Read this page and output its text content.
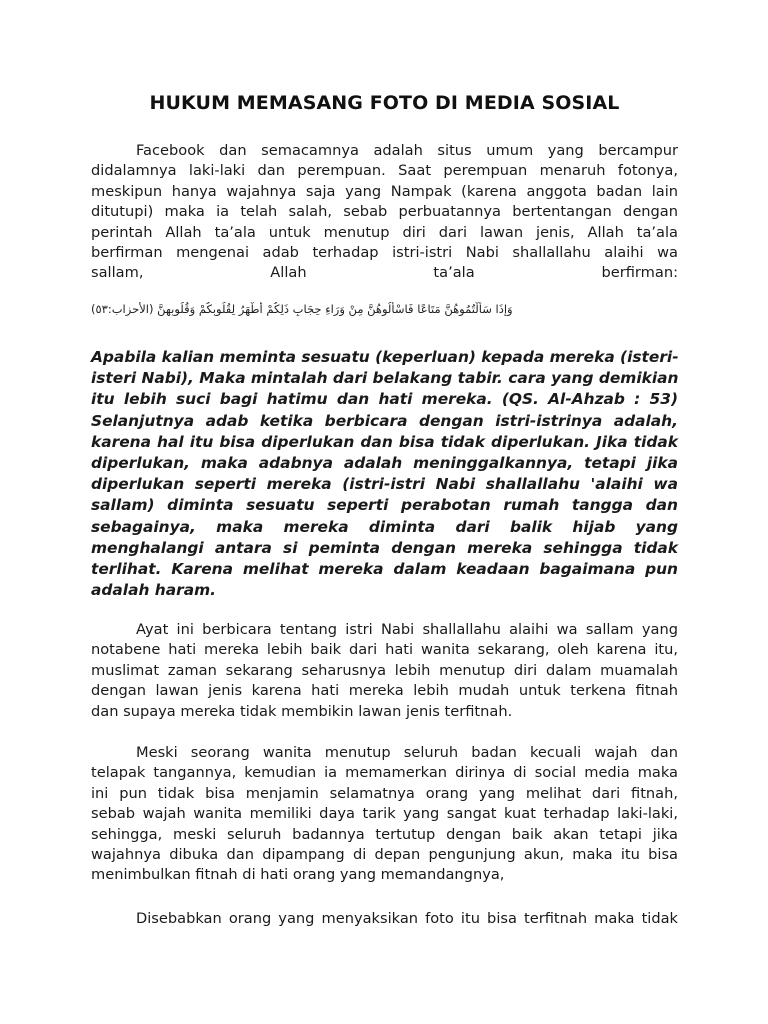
HUKUM MEMASANG FOTO DI MEDIA SOSIAL
Facebook dan semacamnya adalah situs umum yang bercampur
didalamnya laki-laki dan perempuan. Saat perempuan menaruh fotonya,
meskipun hanya wajahnya saja yang Nampak (karena anggota badan lain
ditutupi) maka ia telah salah, sebab perbuatannya bertentangan dengan
perintah Allah ta’ala untuk menutup diri dari lawan jenis, Allah ta’ala
berfirman mengenai adab terhadap istri-istri Nabi shallallahu alaihi wa
sallam, Allah ta’ala berfirman:
وَإِذَا سَأَلْتُمُوهُنَّ مَتَاعًا فَاسْأَلُوهُنَّ مِنْ وَرَاءِ حِجَابٍ ذَلِكُمْ أَطْهَرُ لِقُلُوبِكُمْ وَقُلُوبِهِنَّ (الأحزاب:٥٣)
Apabila kalian meminta sesuatu (keperluan) kepada mereka (isteri-
isteri Nabi), Maka mintalah dari belakang tabir. cara yang demikian
itu lebih suci bagi hatimu dan hati mereka. (QS. Al-Ahzab : 53)
Selanjutnya adab ketika berbicara dengan istri-istrinya adalah,
karena hal itu bisa diperlukan dan bisa tidak diperlukan. Jika tidak
diperlukan, maka adabnya adalah meninggalkannya, tetapi jika
diperlukan seperti mereka (istri-istri Nabi shallallahu 'alaihi wa
sallam) diminta sesuatu seperti perabotan rumah tangga dan
sebagainya, maka mereka diminta dari balik hijab yang
menghalangi antara si peminta dengan mereka sehingga tidak
terlihat. Karena melihat mereka dalam keadaan bagaimana pun
adalah haram.
Ayat ini berbicara tentang istri Nabi shallallahu alaihi wa sallam yang
notabene hati mereka lebih baik dari hati wanita sekarang, oleh karena itu,
muslimat zaman sekarang seharusnya lebih menutup diri dalam muamalah
dengan lawan jenis karena hati mereka lebih mudah untuk terkena fitnah
dan supaya mereka tidak membikin lawan jenis terfitnah.
Meski seorang wanita menutup seluruh badan kecuali wajah dan
telapak tangannya, kemudian ia memamerkan dirinya di social media maka
ini pun tidak bisa menjamin selamatnya orang yang melihat dari fitnah,
sebab wajah wanita memiliki daya tarik yang sangat kuat terhadap laki-laki,
sehingga, meski seluruh badannya tertutup dengan baik akan tetapi jika
wajahnya dibuka dan dipampang di depan pengunjung akun, maka itu bisa
menimbulkan fitnah di hati orang yang memandangnya,
Disebabkan orang yang menyaksikan foto itu bisa terfitnah maka tidak
